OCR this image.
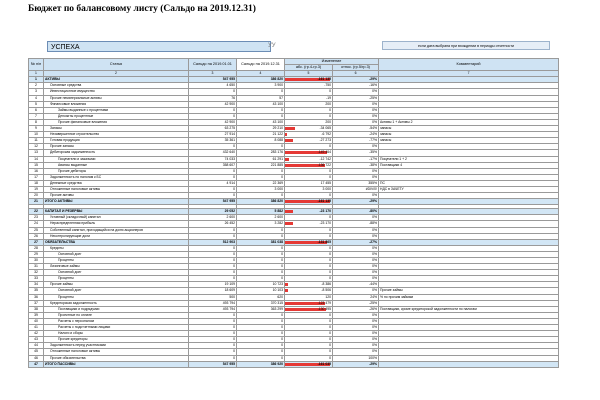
Бюджет по балансовому листу (Сальдо на 2019.12.31)
УСПЕХА	УУ	если дата выбрана при вхождении в периоды отчетности
№ п/п	Статья	Сальдо на 2019.01.01	Сальдо на 2019.12.31	Изменение		Комментарий
				абс. (гр.4-гр.3)	относ. (гр.5/гр.3)	
1	2	3	4	5	6	7
1	АКТИВЫ	547 955	386 820	-161 135	-29%	
2	Основные средства	4 650	3 900	-750	-16%	
3	Инвестиционное имущество	0	0	0	0%	
4	Прочие нематериальные активы	76	57	-19	-25%	
5	Финансовые вложения	42 900	43 100	200	0%	
6	Займы выданные с процентами	0	0	0	0%	
7	Депозиты процентные	0	0	0	0%	
8	Прочие финансовые вложения	42 900	43 100	200	0%	Активы 1 + Активы 2
9	Запасы	63 275	29 210	-34 065	-54%	запасы
10	Незавершенное строительство	27 914	21 122	-6 792	-24%	запасы
11	Готовая продукция	35 361	8 088	-27 273	-77%	запасы
12	Прочие запасы	0	0	0	0%	
13	Дебиторская задолженность	432 640	283 176	-149 464	-35%	
14	Покупатели и заказчики	74 033	61 291	-12 742	-17%	Покупатели 1 + 2
15	Авансы выданные	358 607	221 885	-136 722	-38%	Поставщики 4
16	Прочие дебиторы	0	0	0	0%	
17	Задолженность по налогам к БС	0	0	0	0%	
18	Денежные средства	4 914	22 369	17 455	355%	ПС
19	Отложенные налоговые активы	0	3 000	3 000	#DIV/0!	НДС в ЗАЧЕТУ
20	Прочие активы	0	0	0	0%	
21	ИТОГО АКТИВЫ	547 955	386 820	-161 135	-29%	

22	КАПИТАЛ И РЕЗЕРВЫ	29 052	5 882	-23 170	-80%	
23	Уставный (складочный) капитал	2 600	2 600	0	0%	
24	Нераспределенная прибыль	26 452	3 282	-23 170	-88%	
25	Собственный капитал, приходящийся на долю акционеров	0	0	0	0%	
26	Неконтролирующие доли	0	0	0	0%	
27	ОБЯЗАТЕЛЬСТВА	512 903	381 038	-131 865	-27%	
28	Кредиты	0	0	0	0%	
29	Основной долг	0	0	0	0%	
30	Проценты	0	0	0	0%	
31	Лизинговые займы	0	0	0	0%	
32	Основной долг	0	0	0	0%	
33	Проценты	0	0	0	0%	
34	Прочие займы	19 109	10 723	-8 386	-44%	
35	Основной долг	18 609	10 103	-8 506	0%	Прочие займы
36	Проценты	500	620	120	24%	% по прочим займам
37	Кредиторская задолженность	493 794	370 315	-123 479	-25%	
38	Поставщики и подрядчики	493 794	363 299	-130 495	-26%	Поставщики, кроме кредиторской задолженности по налогам
39	Проектные по оплате	0	0	0	0%	
40	Расчеты с персоналом	0	0	0	0%	
41	Расчеты с подотчетными лицами	0	0	0	0%	
42	Налоги и сборы	0	0	0	0%	
43	Прочие кредиторы	0	0	0	0%	
44	Задолженность перед участниками	0	0	0	0%	
45	Отложенные налоговые активы	0	0	0	0%	
46	Прочие обязательства	0	0	0	100%	
47	ИТОГО ПАССИВЫ	547 955	386 920	-161 035	-29%	
